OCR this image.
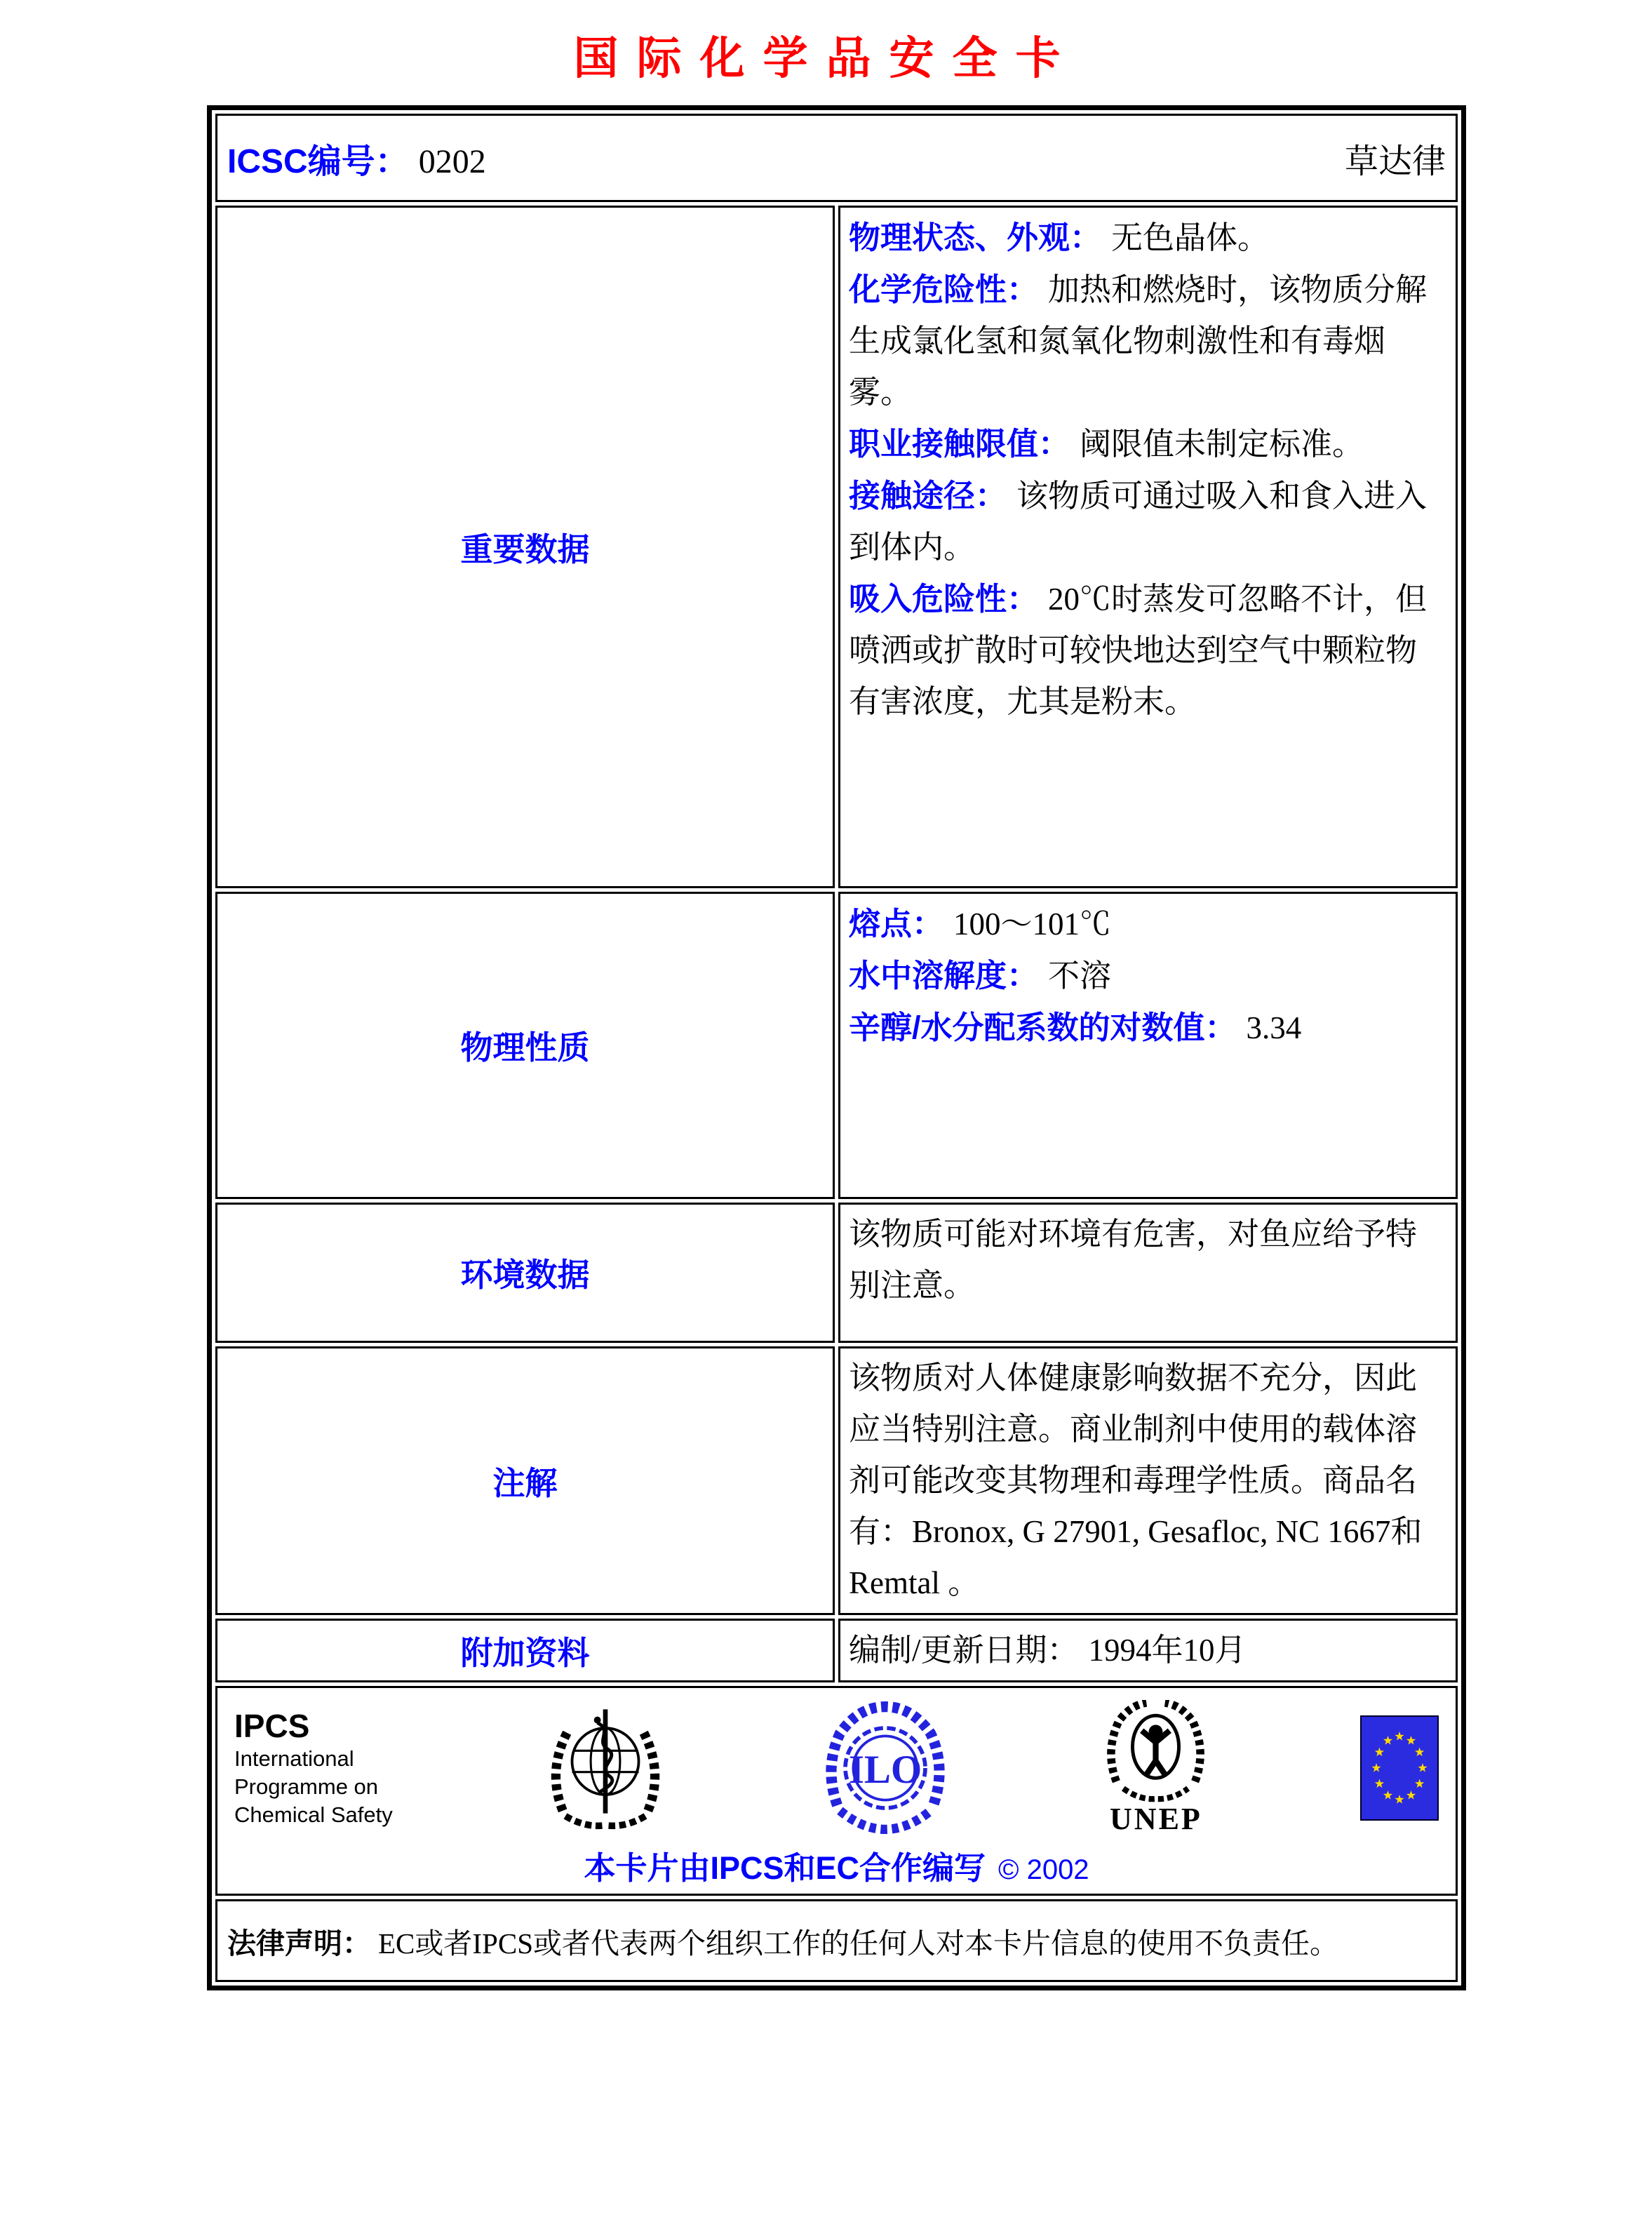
国际化学品安全卡
ICSC编号： 0202 草达律	

重要数据	物理状态、外观： 无色晶体。
化学危险性： 加热和燃烧时，该物质分解生成氯化氢和氮氧化物刺激性和有毒烟雾。
职业接触限值： 阈限值未制定标准。
接触途径： 该物质可通过吸入和食入进入到体内。
吸入危险性： 20℃时蒸发可忽略不计，但喷洒或扩散时可较快地达到空气中颗粒物有害浓度，尤其是粉末。

物理性质	熔点： 100～101℃
水中溶解度： 不溶
辛醇/水分配系数的对数值： 3.34

环境数据	该物质可能对环境有危害，对鱼应给予特别注意。

注解	该物质对人体健康影响数据不充分，因此应当特别注意。商业制剂中使用的载体溶剂可能改变其物理和毒理学性质。商品名有：Bronox, G 27901, Gesafloc, NC 1667和Remtal 。

附加资料	编制/更新日期： 1994年10月

IPCS
International
Programme on
Chemical Safety
ILO
UNEP
本卡片由IPCS和EC合作编写 © 2002

法律声明： EC或者IPCS或者代表两个组织工作的任何人对本卡片信息的使用不负责任。	
